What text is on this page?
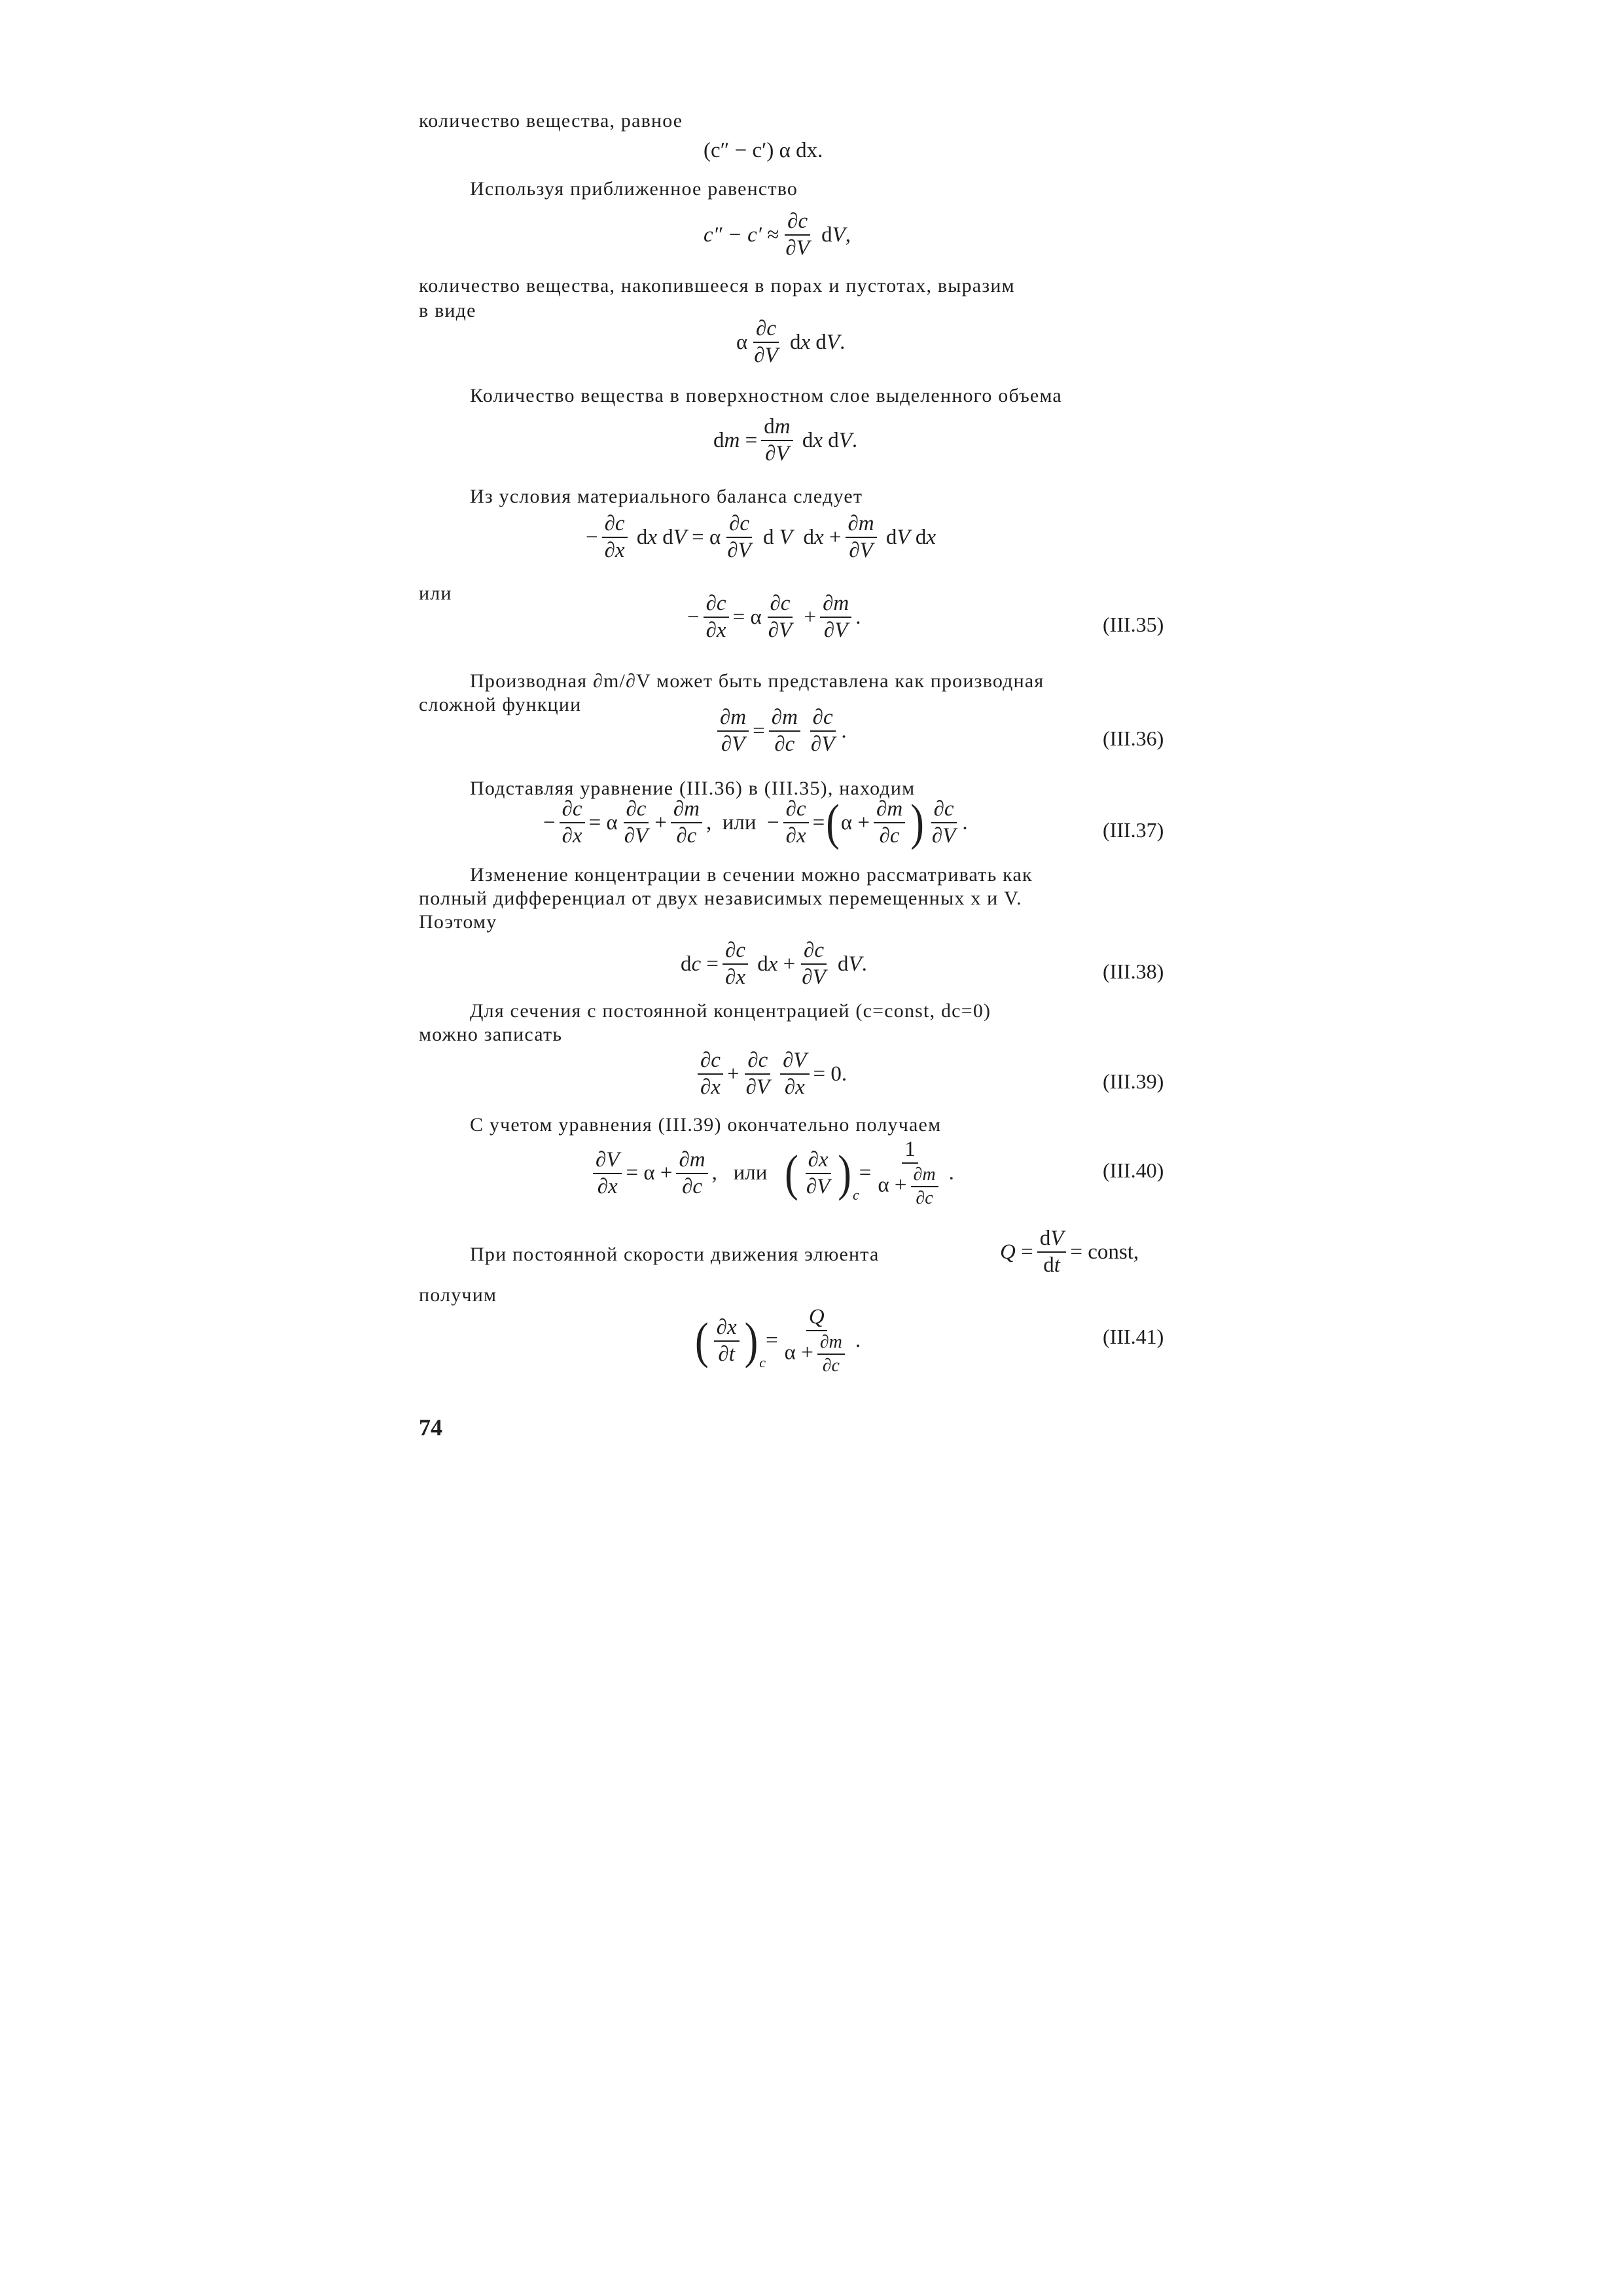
количество вещества, равное
(c″ − c′) α dx.
Используя приближенное равенство
$c'' - c' \approx \frac{\partial c}{\partial V}$ d V ,
количество вещества, накопившееся в порах и пустотах, выразим
в виде
α $\frac{\partial c}{\partial V}$ d x d V .
Количество вещества в поверхностном слое выделенного объема
d $m = \frac{dm}{\partial V}$ d x d V .
Из условия материального баланса следует
− $\frac{\partial c}{\partial x}$ d x d V = α $\frac{\partial c}{\partial V}$ d V d $x + \frac{\partial m}{\partial V}$ d V d x
или
− $\frac{\partial c}{\partial x} = \alpha \frac{\partial c}{\partial V} + \frac{\partial m}{\partial V}$ .	(III.35)
Производная ∂m/∂V может быть представлена как производная
сложной функции
$\frac{\partial m}{\partial V} = \frac{\partial m}{\partial c} \frac{\partial c}{\partial V}$ .	(III.36)
Подставляя уравнение (III.36) в (III.35), находим
− $\frac{\partial c}{\partial x} = \alpha \frac{\partial c}{\partial V} + \frac{\partial m}{\partial c}$ ,  или  − $\frac{\partial c}{\partial x}$ = ( $\alpha + \frac{\partial m}{\partial c}$ ) $\frac{\partial c}{\partial V}$ .	(III.37)
Изменение концентрации в сечении можно рассматривать как
полный дифференциал от двух независимых перемещенных x и V.
Поэтому
d $c = \frac{\partial c}{\partial x}$ d $x + \frac{\partial c}{\partial V}$ d V .	(III.38)
Для сечения с постоянной концентрацией (c=const, dc=0)
можно записать
$\frac{\partial c}{\partial x} + \frac{\partial c}{\partial V} \frac{\partial V}{\partial x} = 0$.	(III.39)
С учетом уравнения (III.39) окончательно получаем
$\frac{\partial V}{\partial x} = \alpha + \frac{\partial m}{\partial c}$ ,   или ( $\frac{\partial x}{\partial V}$ ) c
= $\frac{1}{\alpha + \frac{\partial m}{\partial c}}$ .	(III.40)
При постоянной скорости движения элюента	$Q = \frac{dV}{dt}$ = const,
получим
( $\frac{\partial x}{\partial t}$ ) c
= $\frac{Q}{\alpha + \frac{\partial m}{\partial c}}$ .	(III.41)
74
